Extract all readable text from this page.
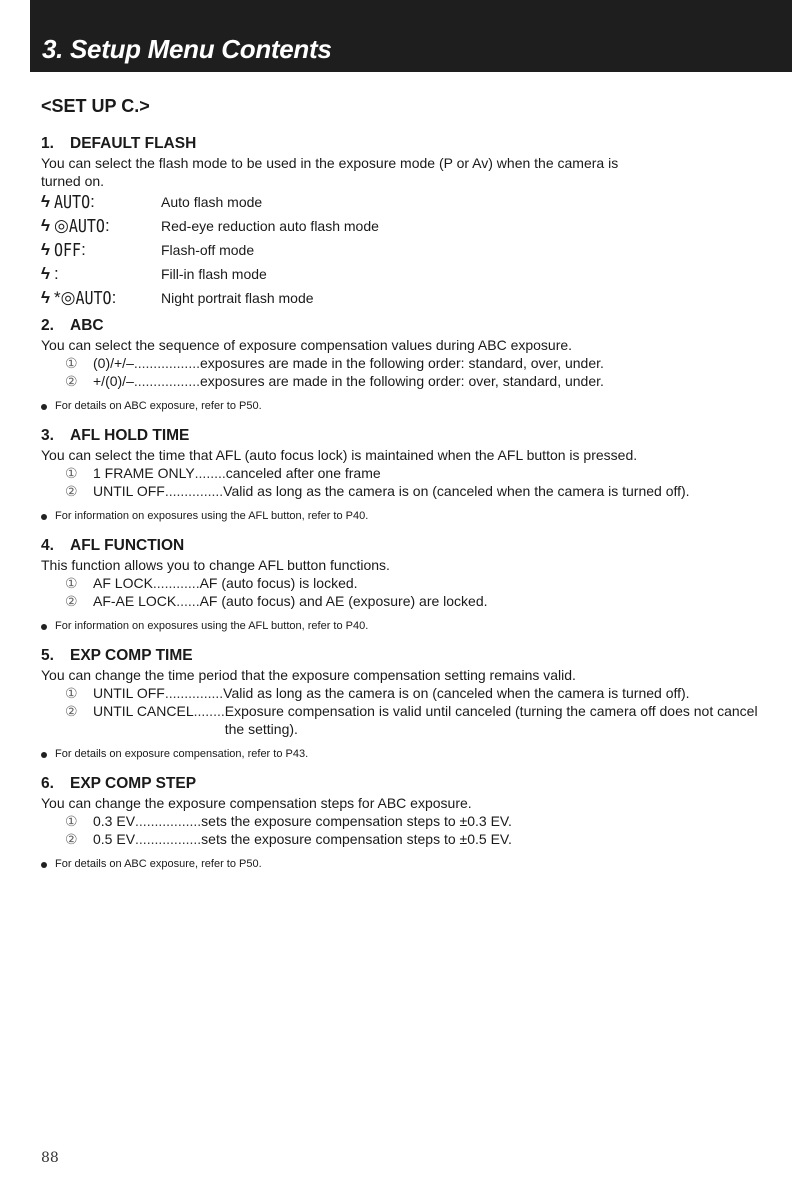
3. Setup Menu Contents
<SET UP C.>
1. DEFAULT FLASH
You can select the flash mode to be used in the exposure mode (P or Av) when the camera is
turned on.
ϟ AUTO:	Auto flash mode
ϟ ◎AUTO:	Red-eye reduction auto flash mode
ϟ OFF:	Flash-off mode
ϟ :	Fill-in flash mode
ϟ *◎AUTO:	Night portrait flash mode
2. ABC
You can select the sequence of exposure compensation values during ABC exposure.
①	(0)/+/– ................. exposures are made in the following order: standard, over, under.
②	+/(0)/– ................. exposures are made in the following order: over, standard, under.
For details on ABC exposure, refer to P50.
3. AFL HOLD TIME
You can select the time that AFL (auto focus lock) is maintained when the AFL button is pressed.
①	1 FRAME ONLY ........ canceled after one frame
②	UNTIL OFF ............... Valid as long as the camera is on (canceled when the camera is turned off).
For information on exposures using the AFL button, refer to P40.
4. AFL FUNCTION
This function allows you to change AFL button functions.
①	AF LOCK ............ AF (auto focus) is locked.
②	AF-AE LOCK ...... AF (auto focus) and AE (exposure) are locked.
For information on exposures using the AFL button, refer to P40.
5. EXP COMP TIME
You can change the time period that the exposure compensation setting remains valid.
①	UNTIL OFF ............... Valid as long as the camera is on (canceled when the camera is turned off).
②	UNTIL CANCEL ........ Exposure compensation is valid until canceled (turning the camera off does not cancel the setting).
For details on exposure compensation, refer to P43.
6. EXP COMP STEP
You can change the exposure compensation steps for ABC exposure.
①	0.3 EV ................. sets the exposure compensation steps to ±0.3 EV.
②	0.5 EV ................. sets the exposure compensation steps to ±0.5 EV.
For details on ABC exposure, refer to P50.
88
